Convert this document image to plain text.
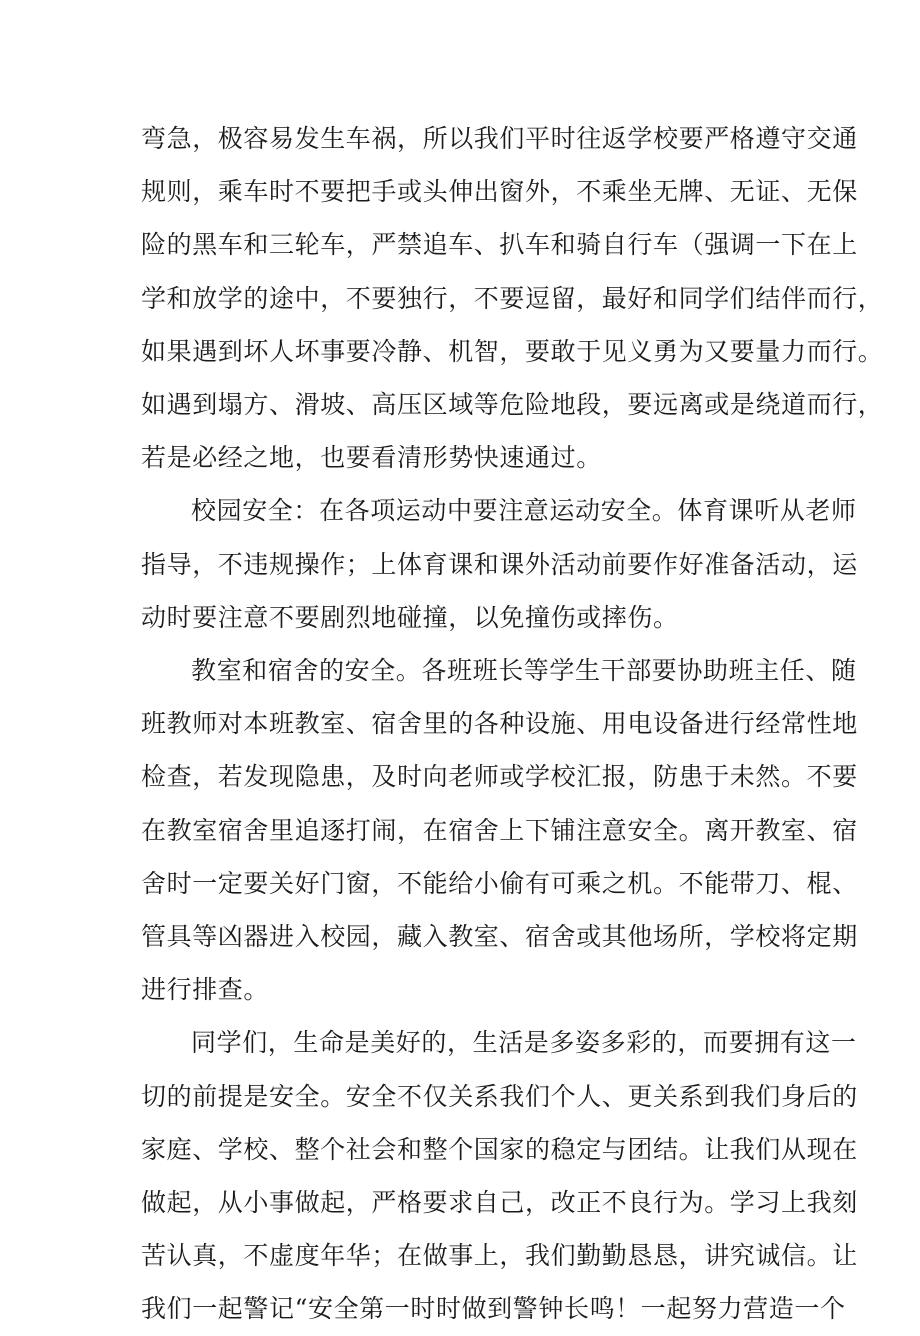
弯急，极容易发生车祸，所以我们平时往返学校要严格遵守交通
规则，乘车时不要把手或头伸出窗外，不乘坐无牌、无证、无保
险的黑车和三轮车，严禁追车、扒车和骑自行车（强调一下在上
学和放学的途中，不要独行，不要逗留，最好和同学们结伴而行，
如果遇到坏人坏事要冷静、机智，要敢于见义勇为又要量力而行。
如遇到塌方、滑坡、高压区域等危险地段，要远离或是绕道而行，
若是必经之地，也要看清形势快速通过。
校园安全：在各项运动中要注意运动安全。体育课听从老师
指导，不违规操作；上体育课和课外活动前要作好准备活动，运
动时要注意不要剧烈地碰撞，以免撞伤或摔伤。
教室和宿舍的安全。各班班长等学生干部要协助班主任、随
班教师对本班教室、宿舍里的各种设施、用电设备进行经常性地
检查，若发现隐患，及时向老师或学校汇报，防患于未然。不要
在教室宿舍里追逐打闹，在宿舍上下铺注意安全。离开教室、宿
舍时一定要关好门窗，不能给小偷有可乘之机。不能带刀、棍、
管具等凶器进入校园，藏入教室、宿舍或其他场所，学校将定期
进行排查。
同学们，生命是美好的，生活是多姿多彩的，而要拥有这一
切的前提是安全。安全不仅关系我们个人、更关系到我们身后的
家庭、学校、整个社会和整个国家的稳定与团结。让我们从现在
做起，从小事做起，严格要求自己，改正不良行为。学习上我刻
苦认真，不虚度年华；在做事上，我们勤勤恳恳，讲究诚信。让
我们一起警记“安全第一时时做到警钟长鸣！一起努力营造一个
